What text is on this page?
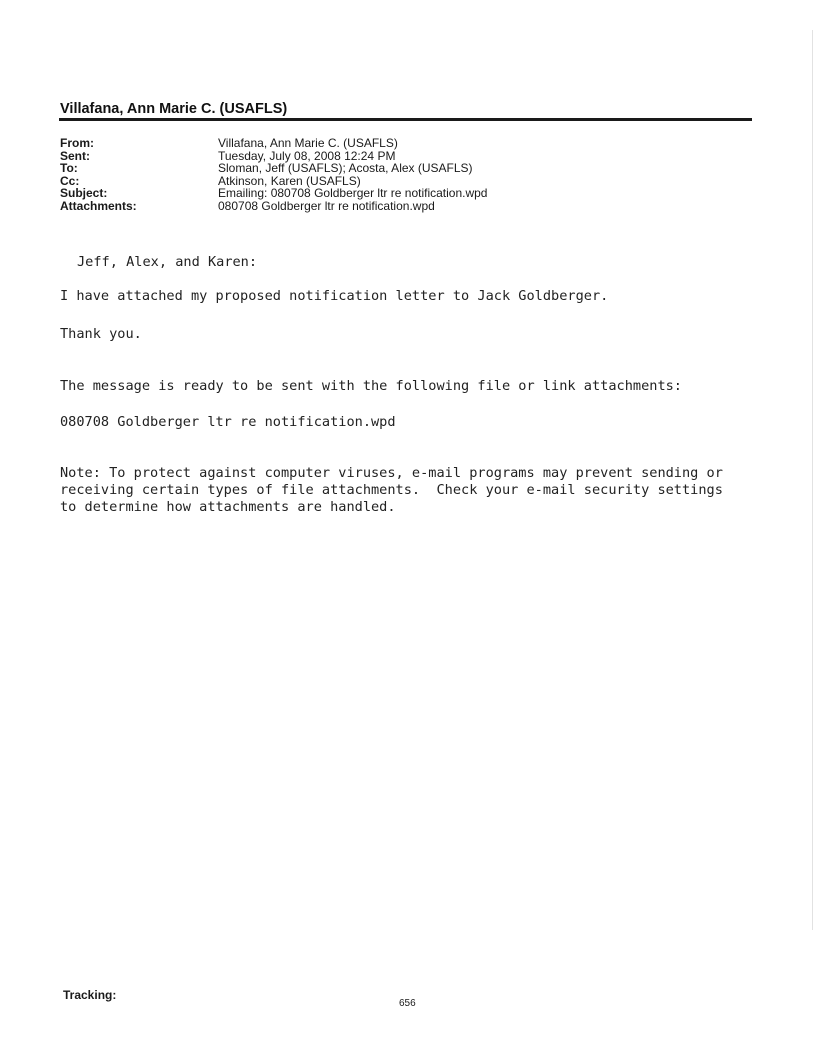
Villafana, Ann Marie C. (USAFLS)
From:	Villafana, Ann Marie C. (USAFLS)
Sent:	Tuesday, July 08, 2008 12:24 PM
To:	Sloman, Jeff (USAFLS); Acosta, Alex (USAFLS)
Cc:	Atkinson, Karen (USAFLS)
Subject:	Emailing: 080708 Goldberger ltr re notification.wpd
Attachments:	080708 Goldberger ltr re notification.wpd

Jeff, Alex, and Karen:

I have attached my proposed notification letter to Jack Goldberger.

Thank you.

The message is ready to be sent with the following file or link attachments:

080708 Goldberger ltr re notification.wpd

Note: To protect against computer viruses, e-mail programs may prevent sending or
receiving certain types of file attachments.  Check your e-mail security settings
to determine how attachments are handled.

Tracking:
656
